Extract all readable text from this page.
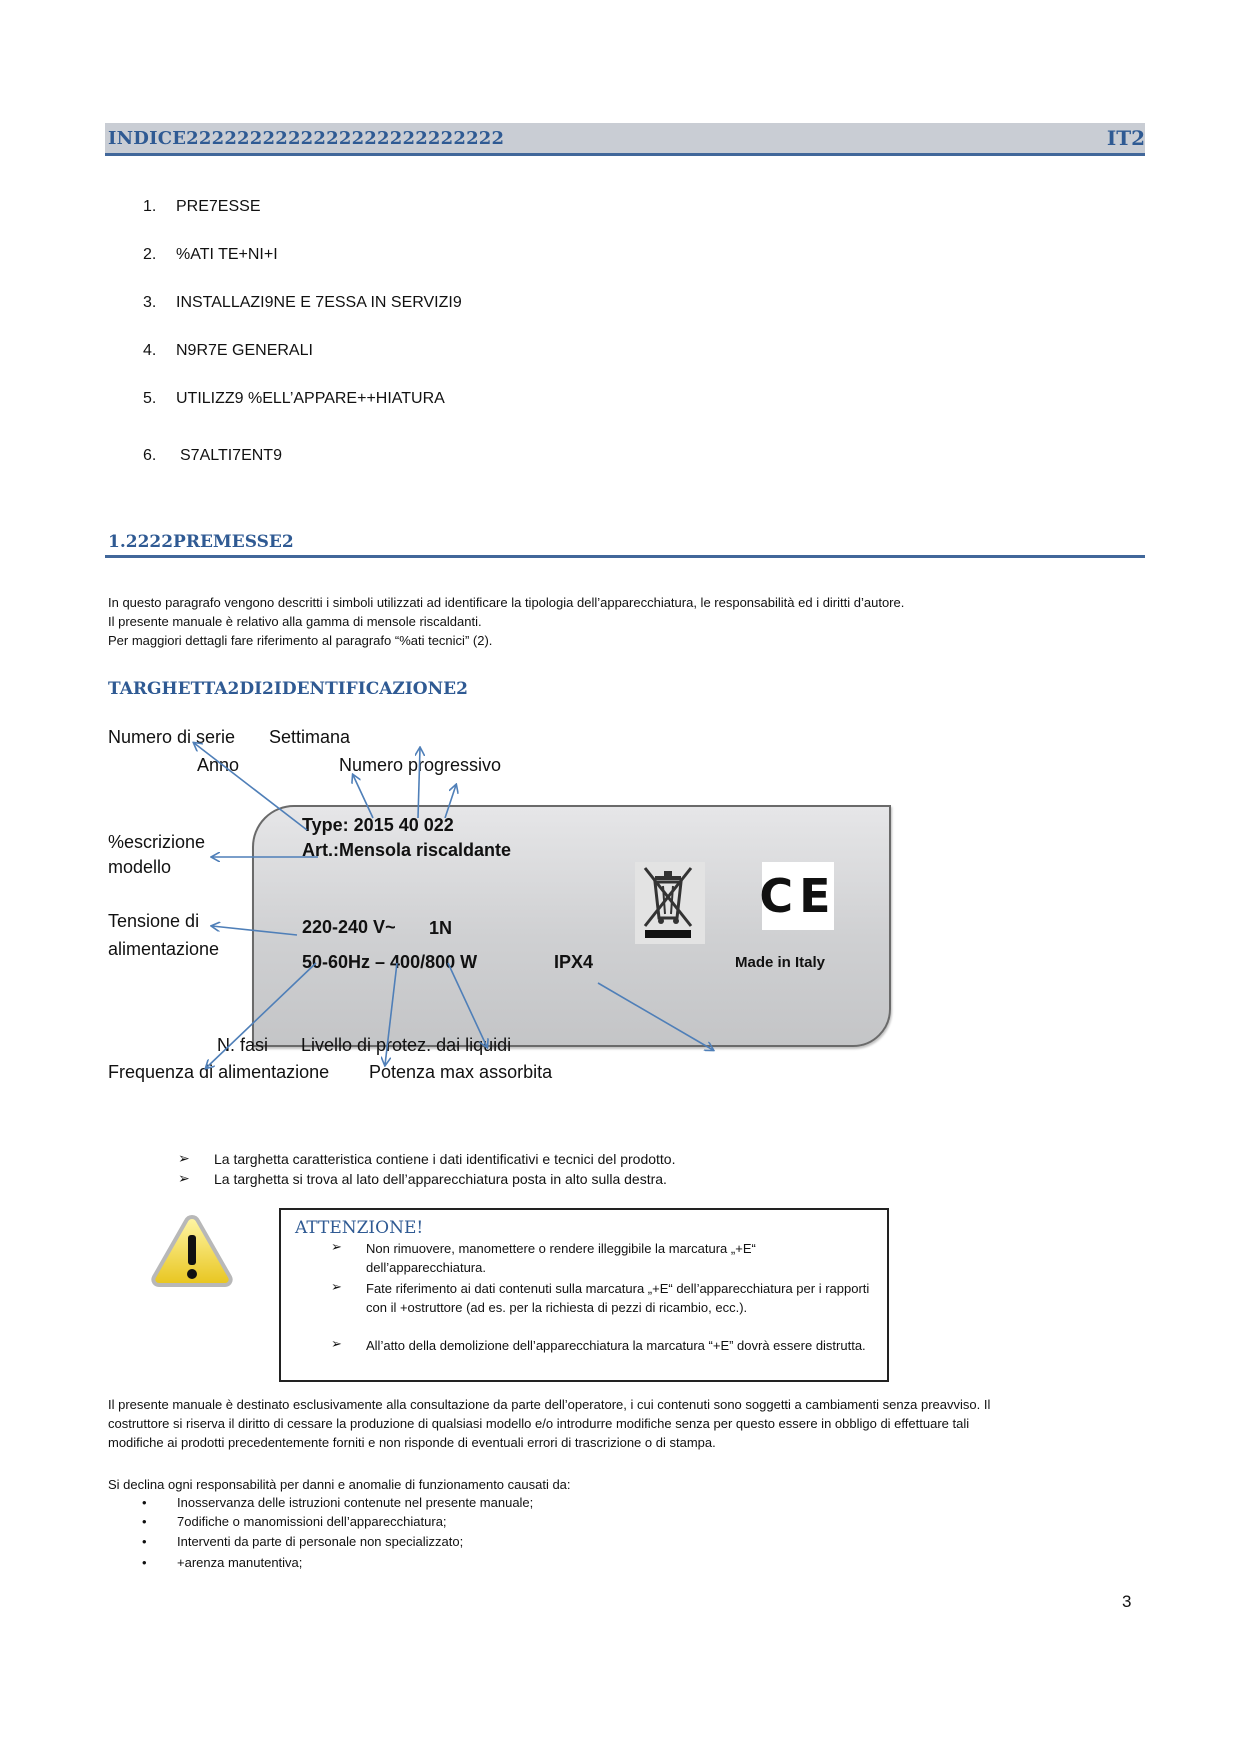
INDICE2222222222222222222222222	IT2
1. PRE7ESSE
2. %ATI TE+NI+I
3. INSTALLAZI9NE E 7ESSA IN SERVIZI9
4. N9R7E GENERALI
5. UTILIZZ9 %ELL’APPARE++HIATURA
6. S7ALTI7ENT9
1.2222PREMESSE2
In questo paragrafo vengono descritti i simboli utilizzati ad identificare la tipologia dell’apparecchiatura, le responsabilità ed i diritti d’autore.
Il presente manuale è relativo alla gamma di mensole riscaldanti.
Per maggiori dettagli fare riferimento al paragrafo “%ati tecnici” (2).
TARGHETTA2DI2IDENTIFICAZIONE2
Numero di serie Settimana
Anno	Numero progressivo
%escrizione
modello
Tensione di
alimentazione
Type: 2015 40 022
Art.:Mensola riscaldante
220-240 V~ 1N
50-60Hz – 400/800 W	IPX4	Made in Italy
CE
N. fasi Livello di protez. dai liquidi
Frequenza di alimentazione Potenza max assorbita
➢ La targhetta caratteristica contiene i dati identificativi e tecnici del prodotto.
➢ La targhetta si trova al lato dell’apparecchiatura posta in alto sulla destra.
ATTENZIONE!
➢ Non rimuovere, manomettere o rendere illeggibile la marcatura „+E“ dell’apparecchiatura.
➢ Fate riferimento ai dati contenuti sulla marcatura „+E“ dell’apparecchiatura per i rapporti con il +ostruttore (ad es. per la richiesta di pezzi di ricambio, ecc.).
➢ All’atto della demolizione dell’apparecchiatura la marcatura “+E” dovrà essere distrutta.
Il presente manuale è destinato esclusivamente alla consultazione da parte dell’operatore, i cui contenuti sono soggetti a cambiamenti senza preavviso. Il
costruttore si riserva il diritto di cessare la produzione di qualsiasi modello e/o introdurre modifiche senza per questo essere in obbligo di effettuare tali
modifiche ai prodotti precedentemente forniti e non risponde di eventuali errori di trascrizione o di stampa.
Si declina ogni responsabilità per danni e anomalie di funzionamento causati da:
• Inosservanza delle istruzioni contenute nel presente manuale;
• 7odifiche o manomissioni dell’apparecchiatura;
• Interventi da parte di personale non specializzato;
• +arenza manutentiva;
3
